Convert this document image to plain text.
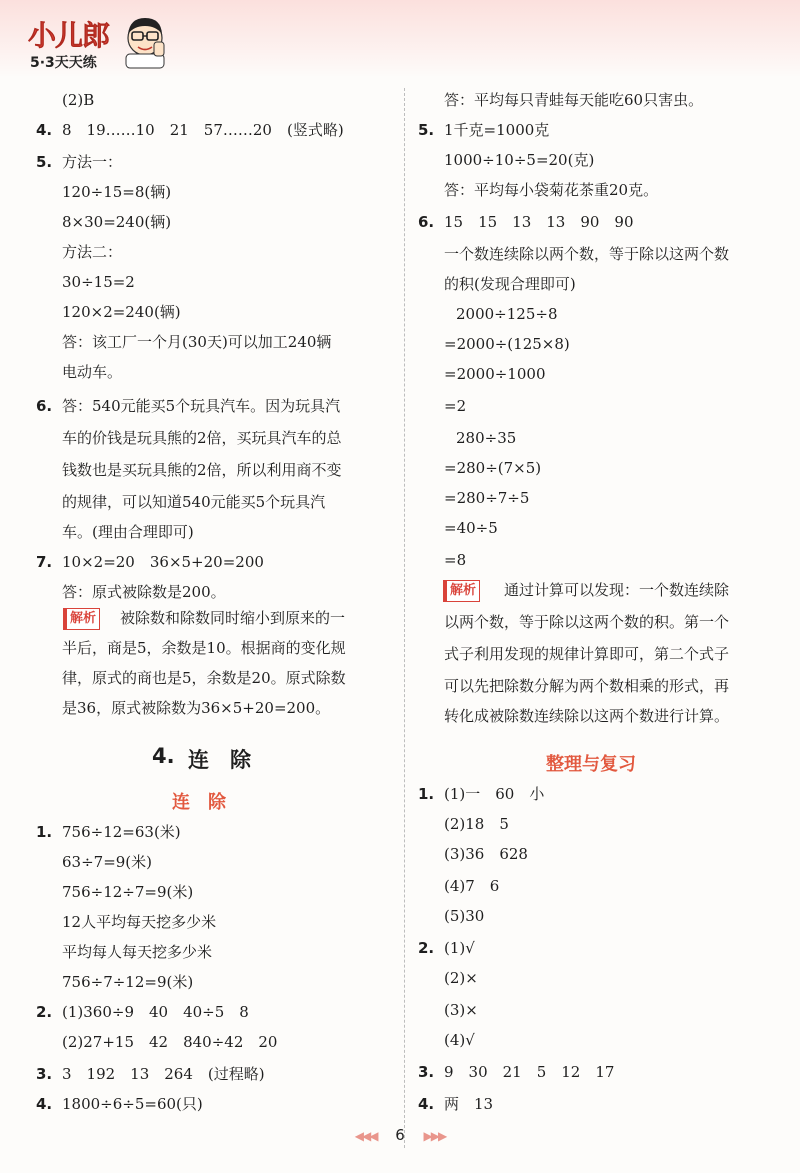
小儿郎
5·3天天练
(2)B
4. 8　19……10　21　57……20　(竖式略)
5. 方法一：
120÷15=8(辆)
8×30=240(辆)
方法二：
30÷15=2
120×2=240(辆)
答：该工厂一个月(30天)可以加工240辆
电动车。
6. 答：540元能买5个玩具汽车。因为玩具汽
车的价钱是玩具熊的2倍，买玩具汽车的总
钱数也是买玩具熊的2倍，所以利用商不变
的规律，可以知道540元能买5个玩具汽
车。(理由合理即可)
7. 10×2=20　36×5+20=200
答：原式被除数是200。
解析 被除数和除数同时缩小到原来的一
半后，商是5，余数是10。根据商的变化规
律，原式的商也是5，余数是20。原式除数
是36，原式被除数为36×5+20=200。
4. 连　除
连　除
1. 756÷12=63(米)
63÷7=9(米)
756÷12÷7=9(米)
12人平均每天挖多少米
平均每人每天挖多少米
756÷7÷12=9(米)
2. (1)360÷9　40　40÷5　8
(2)27+15　42　840÷42　20
3. 3　192　13　264　(过程略)
4. 1800÷6÷5=60(只)
答：平均每只青蛙每天能吃60只害虫。
5. 1千克=1000克
1000÷10÷5=20(克)
答：平均每小袋菊花茶重20克。
6. 15　15　13　13　90　90
一个数连续除以两个数，等于除以这两个数
的积(发现合理即可)
2000÷125÷8
=2000÷(125×8)
=2000÷1000
=2
280÷35
=280÷(7×5)
=280÷7÷5
=40÷5
=8
解析 通过计算可以发现：一个数连续除
以两个数，等于除以这两个数的积。第一个
式子利用发现的规律计算即可，第二个式子
可以先把除数分解为两个数相乘的形式，再
转化成被除数连续除以这两个数进行计算。
整理与复习
1. (1)一　60　小
(2)18　5
(3)36　628
(4)7　6
(5)30
2. (1)√
(2)×
(3)×
(4)√
3. 9　30　21　5　12　17
4. 两　13
◀◀◀ 6 ▶▶▶
